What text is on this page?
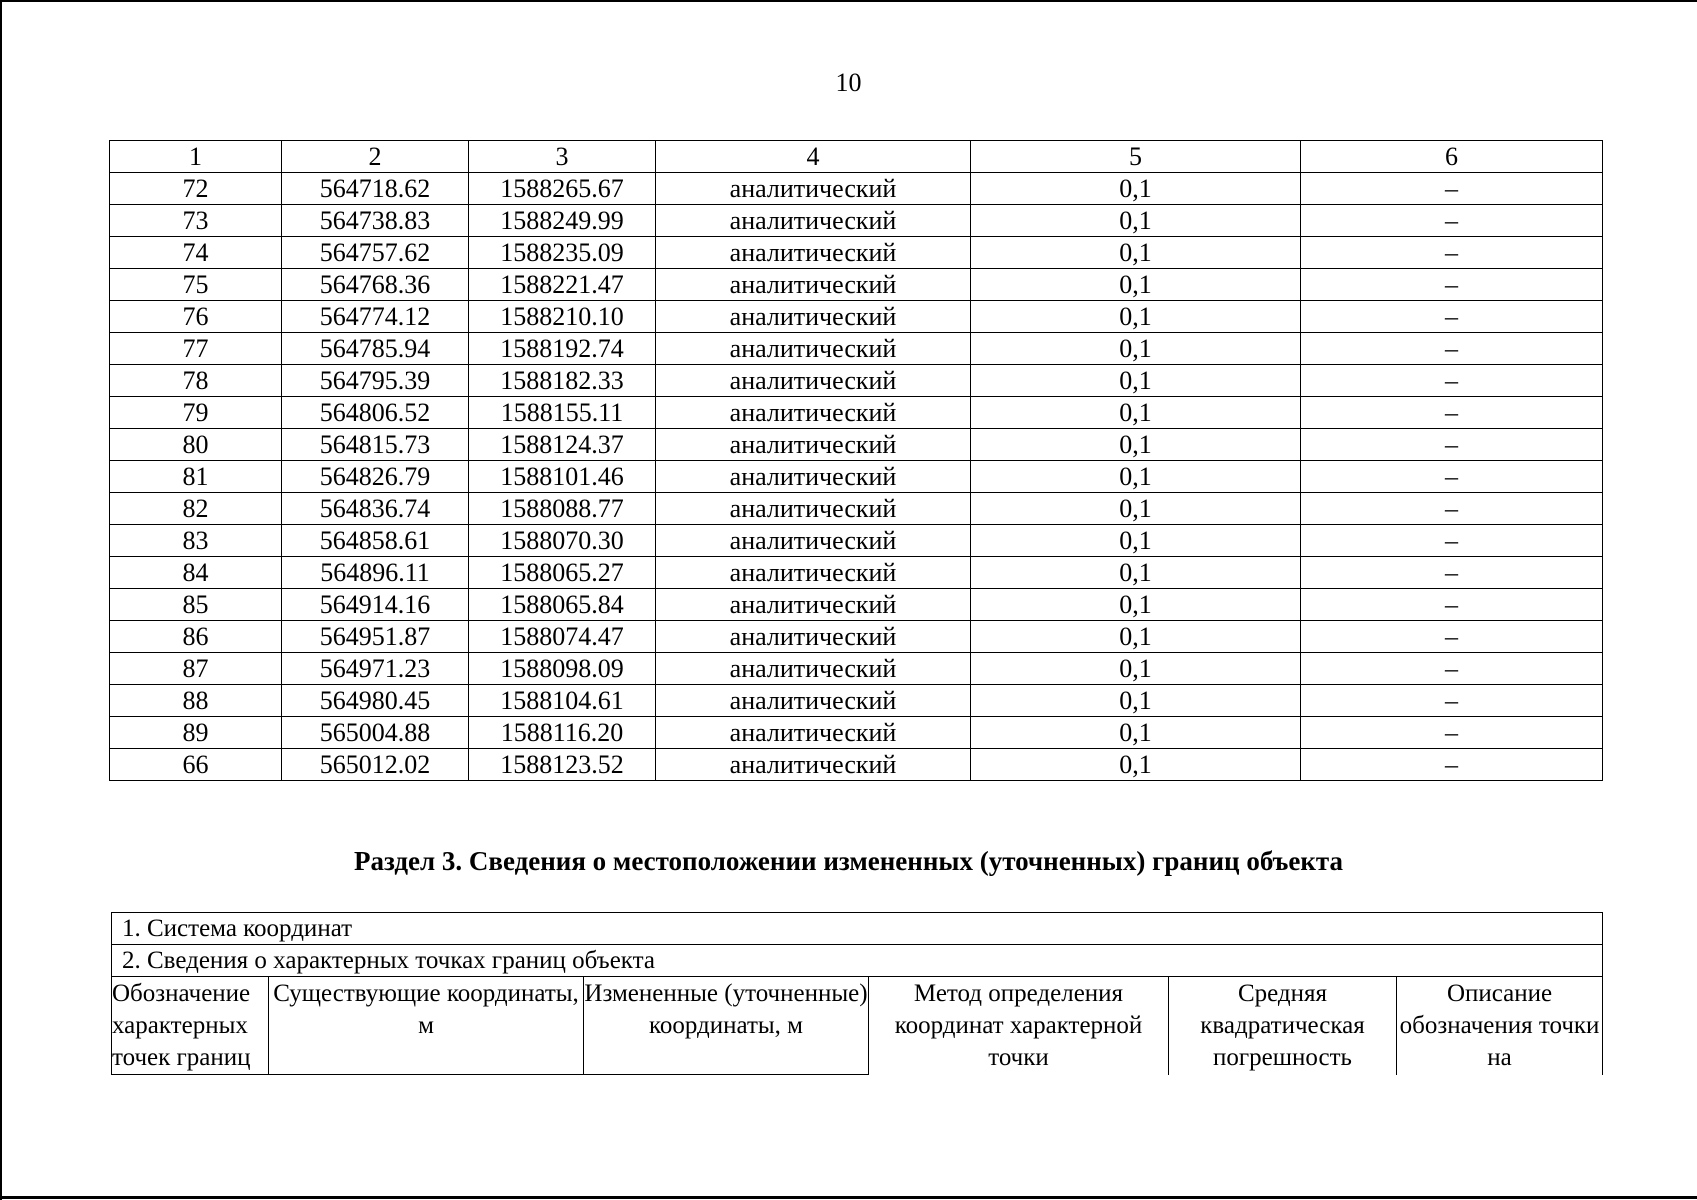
10
1	2	3	4	5	6
72	564718.62	1588265.67	аналитический	0,1	–
73	564738.83	1588249.99	аналитический	0,1	–
74	564757.62	1588235.09	аналитический	0,1	–
75	564768.36	1588221.47	аналитический	0,1	–
76	564774.12	1588210.10	аналитический	0,1	–
77	564785.94	1588192.74	аналитический	0,1	–
78	564795.39	1588182.33	аналитический	0,1	–
79	564806.52	1588155.11	аналитический	0,1	–
80	564815.73	1588124.37	аналитический	0,1	–
81	564826.79	1588101.46	аналитический	0,1	–
82	564836.74	1588088.77	аналитический	0,1	–
83	564858.61	1588070.30	аналитический	0,1	–
84	564896.11	1588065.27	аналитический	0,1	–
85	564914.16	1588065.84	аналитический	0,1	–
86	564951.87	1588074.47	аналитический	0,1	–
87	564971.23	1588098.09	аналитический	0,1	–
88	564980.45	1588104.61	аналитический	0,1	–
89	565004.88	1588116.20	аналитический	0,1	–
66	565012.02	1588123.52	аналитический	0,1	–
Раздел 3. Сведения о местоположении измененных (уточненных) границ объекта
1. Система координат
2. Сведения о характерных точках границ объекта
Обозначение характерных точек границ	Существующие координаты, м	Измененные (уточненные) координаты, м	Метод определения координат характерной точки	Средняя квадратическая погрешность	Описание обозначения точки на
